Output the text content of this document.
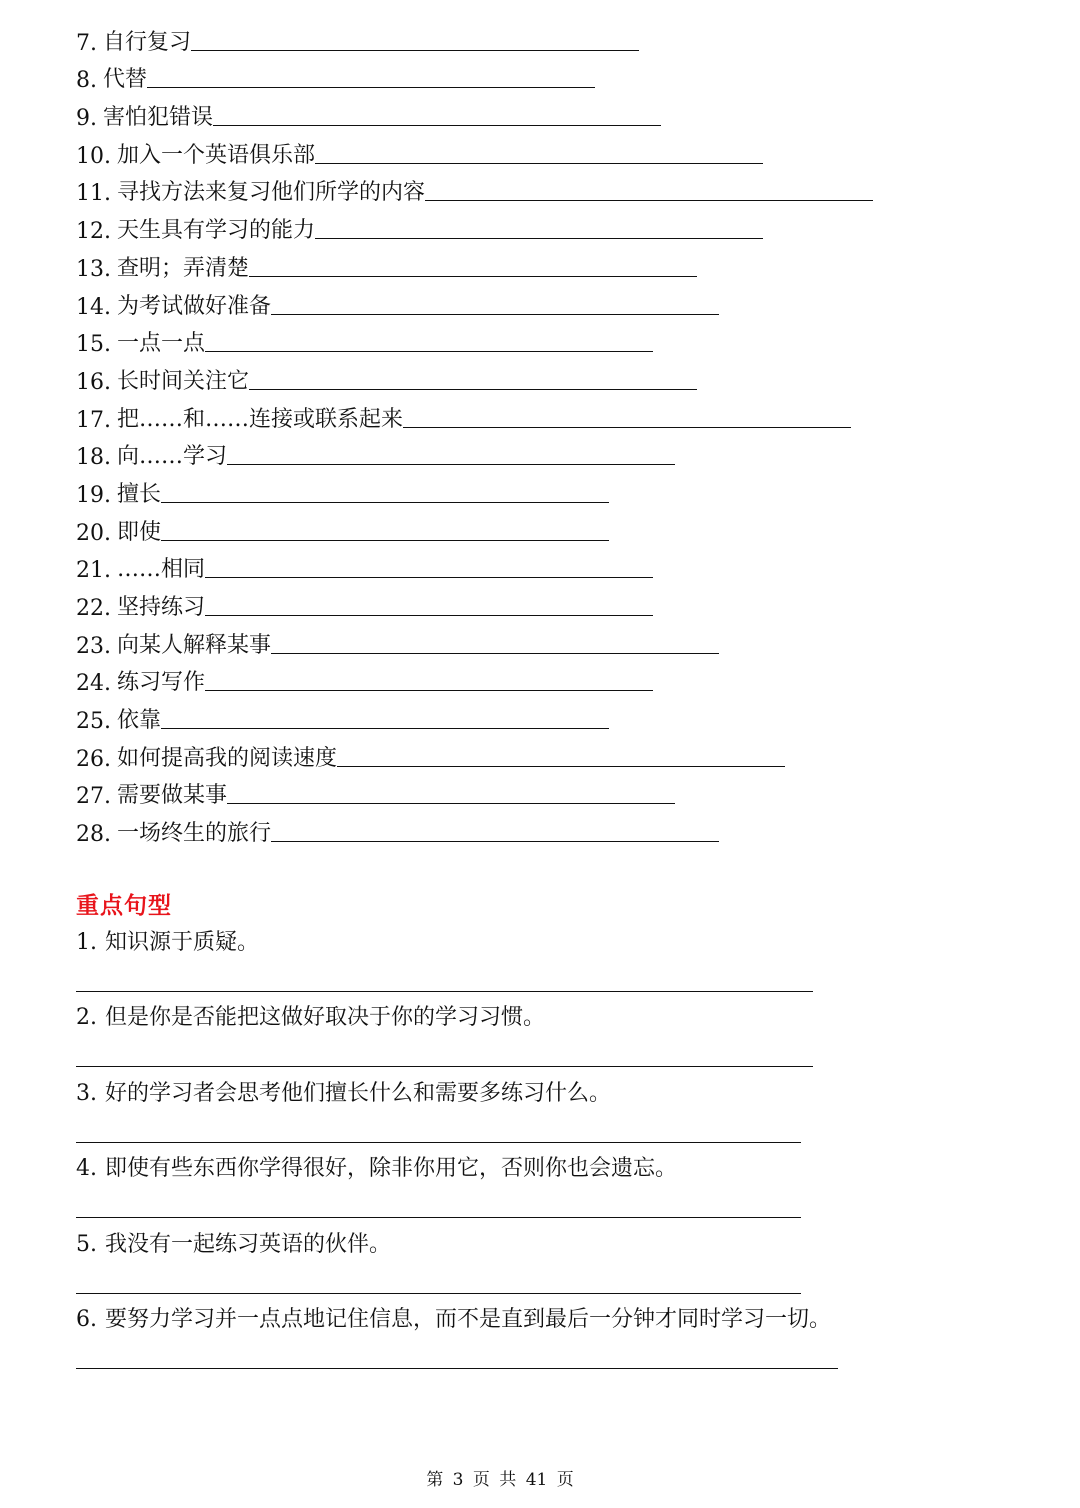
7. 自行复习
8. 代替
9. 害怕犯错误
10. 加入一个英语俱乐部
11. 寻找方法来复习他们所学的内容
12. 天生具有学习的能力
13. 查明；弄清楚
14. 为考试做好准备
15. 一点一点
16. 长时间关注它
17. 把……和……连接或联系起来
18. 向……学习
19. 擅长
20. 即使
21. ……相同
22. 坚持练习
23. 向某人解释某事
24. 练习写作
25. 依靠
26. 如何提高我的阅读速度
27. 需要做某事
28. 一场终生的旅行
重点句型
1. 知识源于质疑。
2. 但是你是否能把这做好取决于你的学习习惯。
3. 好的学习者会思考他们擅长什么和需要多练习什么。
4. 即使有些东西你学得很好，除非你用它，否则你也会遗忘。
5. 我没有一起练习英语的伙伴。
6. 要努力学习并一点点地记住信息，而不是直到最后一分钟才同时学习一切。
第 3 页 共 41 页
